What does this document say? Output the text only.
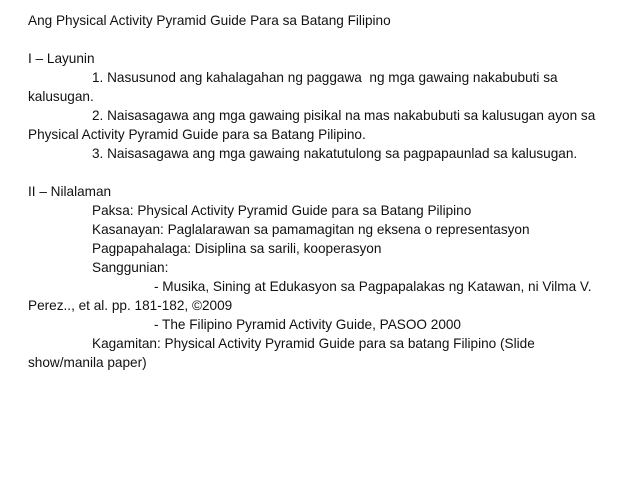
Ang Physical Activity Pyramid Guide Para sa Batang Filipino
I – Layunin
1. Nasusunod ang kahalagahan ng paggawa  ng mga gawaing nakabubuti sa
kalusugan.
2. Naisasagawa ang mga gawaing pisikal na mas nakabubuti sa kalusugan ayon sa
Physical Activity Pyramid Guide para sa Batang Pilipino.
3. Naisasagawa ang mga gawaing nakatutulong sa pagpapaunlad sa kalusugan.
II – Nilalaman
Paksa: Physical Activity Pyramid Guide para sa Batang Pilipino
Kasanayan: Paglalarawan sa pamamagitan ng eksena o representasyon
Pagpapahalaga: Disiplina sa sarili, kooperasyon
Sanggunian:
- Musika, Sining at Edukasyon sa Pagpapalakas ng Katawan, ni Vilma V.
Perez.., et al. pp. 181-182, ©2009
- The Filipino Pyramid Activity Guide, PASOO 2000
Kagamitan: Physical Activity Pyramid Guide para sa batang Filipino (Slide
show/manila paper)
